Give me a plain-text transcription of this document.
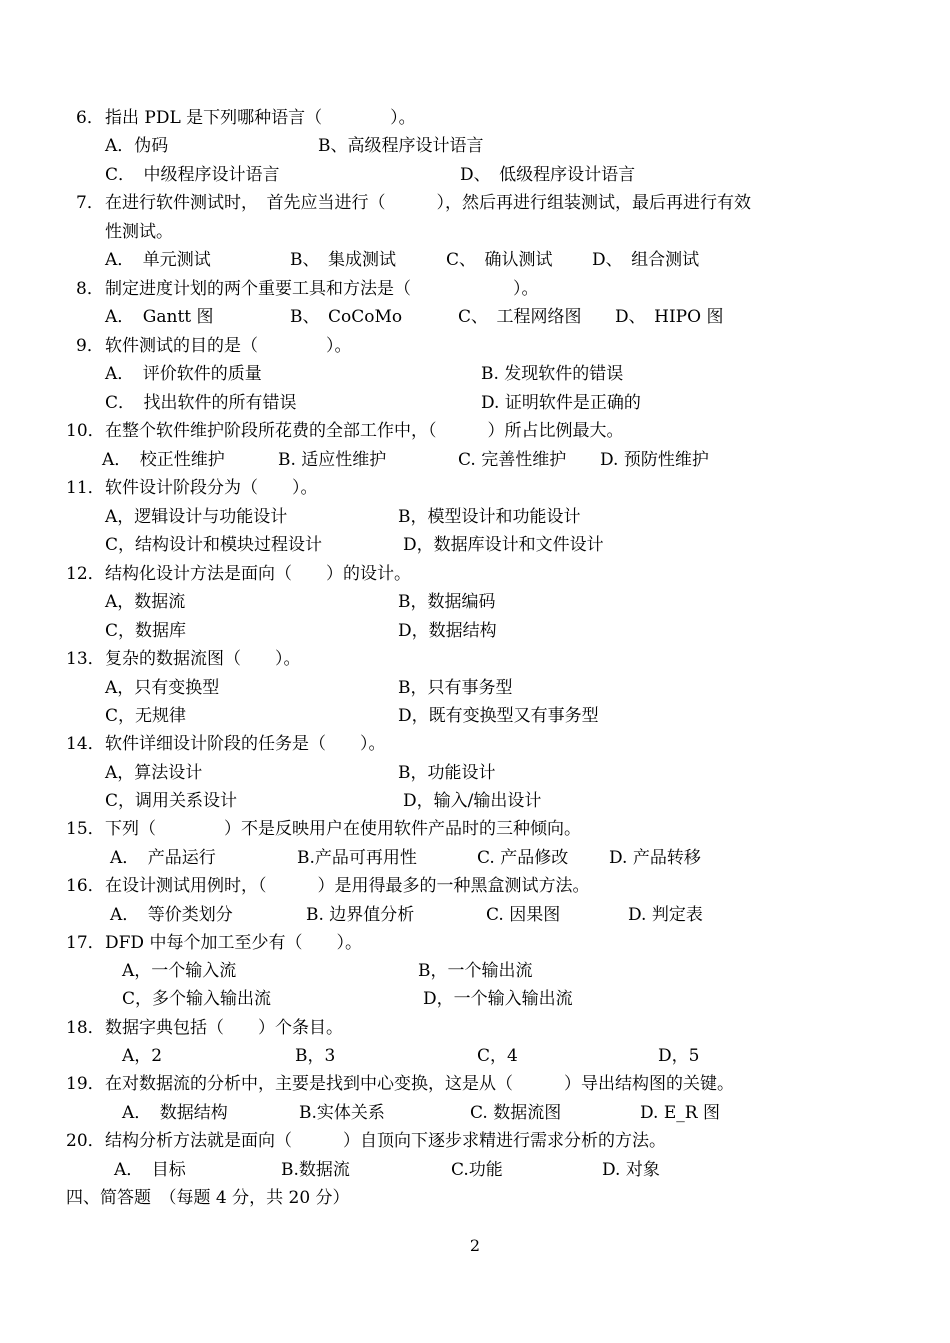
6． 指出 PDL 是下列哪种语言（　　　　）。
A．伪码	B、高级程序设计语言
C．　中级程序设计语言	D、　低级程序设计语言
7． 在进行软件测试时，　首先应当进行（　　　），然后再进行组装测试，最后再进行有效
性测试。
A．　单元测试	B、　集成测试	C、　确认测试 D、　组合测试
8． 制定进度计划的两个重要工具和方法是（　　　　　　）。
A．　Gantt 图	B、　CoCoMo	C、　工程网络图 D、　HIPO 图
9． 软件测试的目的是（　　　　）。
A．　评价软件的质量	B. 发现软件的错误
C．　找出软件的所有错误	D. 证明软件是正确的
10． 在整个软件维护阶段所花费的全部工作中，（　　　）所占比例最大。
A．　校正性维护	B. 适应性维护	C. 完善性维护 D. 预防性维护
11． 软件设计阶段分为（　　）。
A，逻辑设计与功能设计	B，模型设计和功能设计
C，结构设计和模块过程设计	D，数据库设计和文件设计
12． 结构化设计方法是面向（　　）的设计。
A，数据流	B，数据编码
C，数据库	D，数据结构
13． 复杂的数据流图（　　）。
A，只有变换型	B，只有事务型
C，无规律	D，既有变换型又有事务型
14． 软件详细设计阶段的任务是（　　）。
A，算法设计	B，功能设计
C，调用关系设计	D，输入/输出设计
15． 下列（　　　　）不是反映用户在使用软件产品时的三种倾向。
A．　产品运行	B.产品可再用性	C. 产品修改 D. 产品转移
16． 在设计测试用例时，（　　　）是用得最多的一种黑盒测试方法。
A．　等价类划分	B. 边界值分析	C. 因果图	D. 判定表
17． DFD 中每个加工至少有（　　）。
A，一个输入流	B，一个输出流
C，多个输入输出流	D，一个输入输出流
18． 数据字典包括（　　）个条目。
A，2	B，3	C，4	D，5
19． 在对数据流的分析中，主要是找到中心变换，这是从（　　　）导出结构图的关键。
A．　数据结构	B.实体关系	C. 数据流图	D. E_R 图
20． 结构分析方法就是面向（　　　）自顶向下逐步求精进行需求分析的方法。
A．　目标	B.数据流	C.功能	D. 对象
四、简答题　（每题 4 分，共 20 分）
2
